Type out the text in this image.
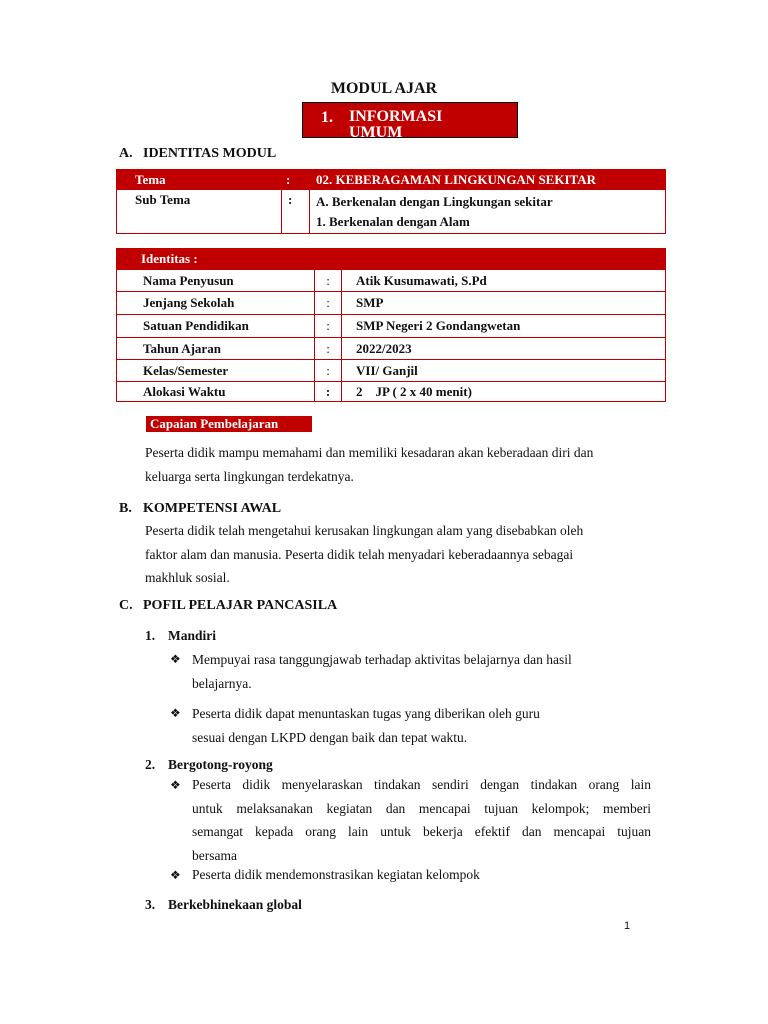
MODUL AJAR
1. INFORMASI UMUM
A. IDENTITAS MODUL
Tema	:	02. KEBERAGAMAN LINGKUNGAN SEKITAR
Sub Tema	:	A. Berkenalan dengan Lingkungan sekitar
1. Berkenalan dengan Alam
Identitas :		
Nama Penyusun	:	Atik Kusumawati, S.Pd
Jenjang Sekolah	:	SMP
Satuan Pendidikan	:	SMP Negeri 2 Gondangwetan
Tahun Ajaran	:	2022/2023
Kelas/Semester	:	VII/ Ganjil
Alokasi Waktu	:	2    JP ( 2 x 40 menit)
Capaian Pembelajaran
Peserta didik mampu memahami dan memiliki kesadaran akan keberadaan diri dan
keluarga serta lingkungan terdekatnya.
B. KOMPETENSI AWAL
Peserta didik telah mengetahui kerusakan lingkungan alam yang disebabkan oleh
faktor alam dan manusia. Peserta didik telah menyadari keberadaannya sebagai
makhluk sosial.
C. POFIL PELAJAR PANCASILA
1. Mandiri
❖ Mempuyai rasa tanggungjawab terhadap aktivitas belajarnya dan hasil
belajarnya.
❖ Peserta didik dapat menuntaskan tugas yang diberikan oleh guru
sesuai dengan LKPD dengan baik dan tepat waktu.
2. Bergotong-royong
❖ Peserta didik menyelaraskan tindakan sendiri dengan tindakan orang lain
untuk melaksanakan kegiatan dan mencapai tujuan kelompok; memberi
semangat kepada orang lain untuk bekerja efektif dan mencapai tujuan
bersama
❖ Peserta didik mendemonstrasikan kegiatan kelompok
3. Berkebhinekaan global
1
